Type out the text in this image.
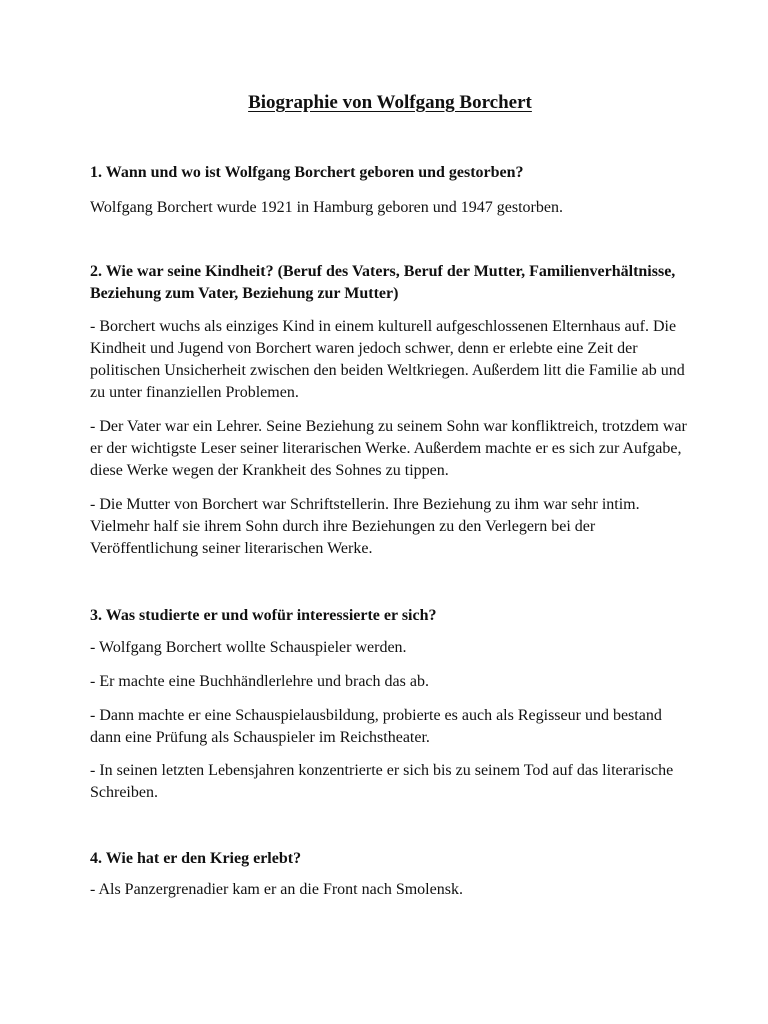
Biographie von Wolfgang Borchert

1. Wann und wo ist Wolfgang Borchert geboren und gestorben?

Wolfgang Borchert wurde 1921 in Hamburg geboren und 1947 gestorben.

2. Wie war seine Kindheit? (Beruf des Vaters, Beruf der Mutter, Familienverhältnisse, Beziehung zum Vater, Beziehung zur Mutter)

- Borchert wuchs als einziges Kind in einem kulturell aufgeschlossenen Elternhaus auf. Die Kindheit und Jugend von Borchert waren jedoch schwer, denn er erlebte eine Zeit der politischen Unsicherheit zwischen den beiden Weltkriegen. Außerdem litt die Familie ab und zu unter finanziellen Problemen.

- Der Vater war ein Lehrer. Seine Beziehung zu seinem Sohn war konfliktreich, trotzdem war er der wichtigste Leser seiner literarischen Werke. Außerdem machte er es sich zur Aufgabe, diese Werke wegen der Krankheit des Sohnes zu tippen.

- Die Mutter von Borchert war Schriftstellerin. Ihre Beziehung zu ihm war sehr intim. Vielmehr half sie ihrem Sohn durch ihre Beziehungen zu den Verlegern bei der Veröffentlichung seiner literarischen Werke.

3. Was studierte er und wofür interessierte er sich?

- Wolfgang Borchert wollte Schauspieler werden.

- Er machte eine Buchhändlerlehre und brach das ab.

- Dann machte er eine Schauspielausbildung, probierte es auch als Regisseur und bestand dann eine Prüfung als Schauspieler im Reichstheater.

- In seinen letzten Lebensjahren konzentrierte er sich bis zu seinem Tod auf das literarische Schreiben.

4. Wie hat er den Krieg erlebt?

- Als Panzergrenadier kam er an die Front nach Smolensk.
